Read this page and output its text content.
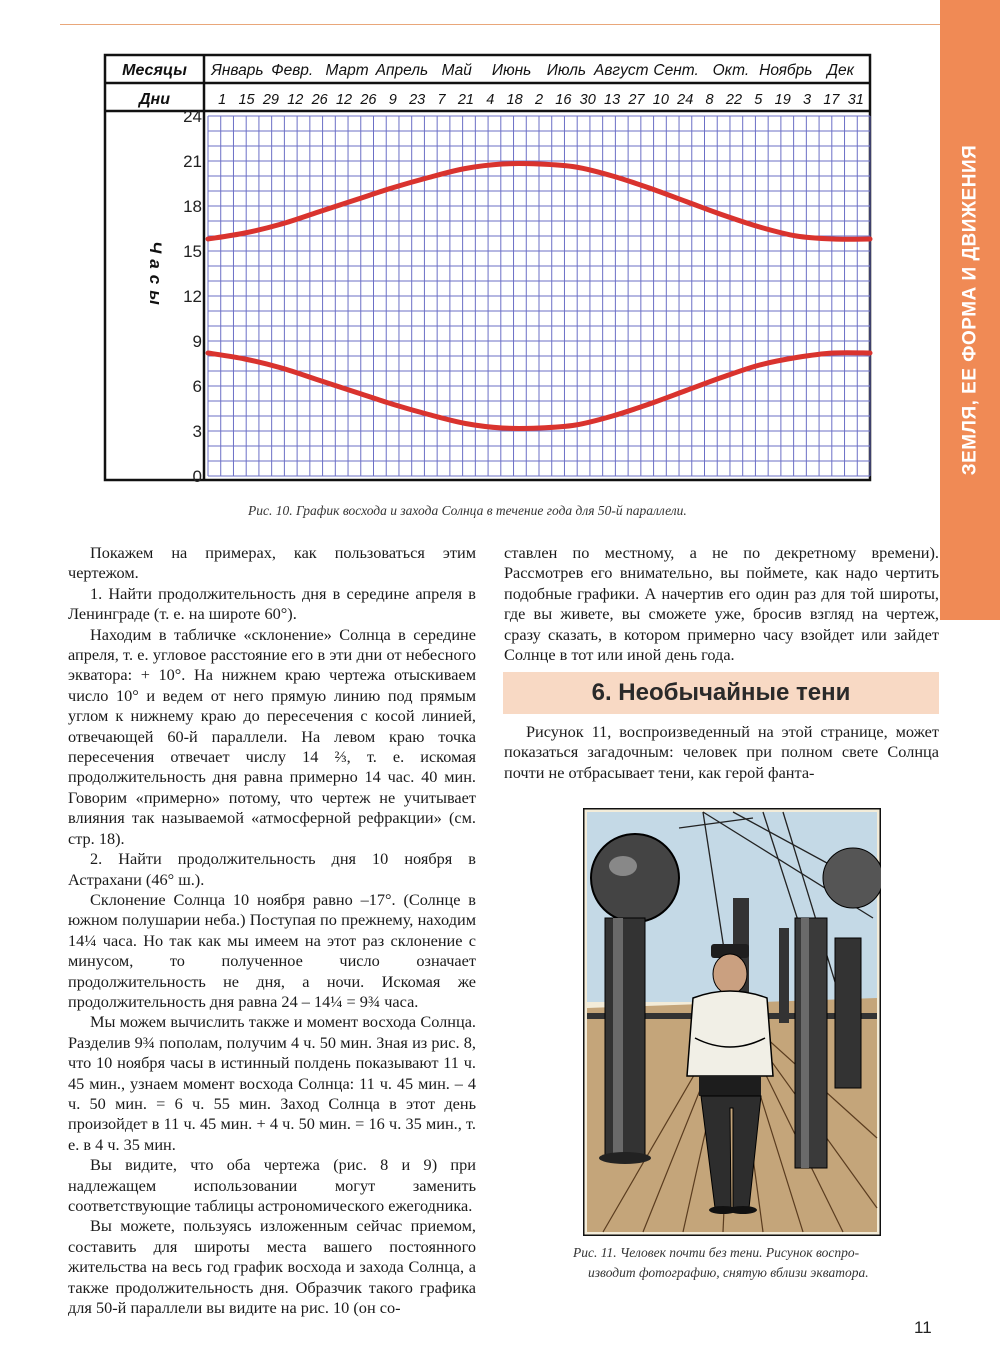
ЗЕМЛЯ, ЕЕ ФОРМА И ДВИЖЕНИЯ
Месяцы
Дни
Январь Февр. Март Апрель Май Июнь Июль Август Сент. Окт. Ноябрь Дек
1 15 29 12 26 12 26 9 23 7 21 4 18 2 16 30 13 27 10 24 8 22 5 19 3 17 31
24
21
18
15
12
9
6
3
0
Часы
Рис. 10. График восхода и захода Солнца в течение года для 50-й параллели.

Покажем на примерах, как пользоваться этим чертежом.

1. Найти продолжительность дня в середине апреля в Ленинграде (т. е. на широте 60°).

Находим в табличке «склонение» Солнца в середине апреля, т. е. угловое расстояние его в эти дни от небесного экватора: + 10°. На нижнем краю чертежа отыскиваем число 10° и ведем от него прямую линию под прямым углом к нижнему краю до пересечения с косой линией, отвечающей 60-й параллели. На левом краю точка пересечения отвечает числу 14 ⅔, т. е. искомая продолжительность дня равна примерно 14 час. 40 мин. Говорим «примерно» потому, что чертеж не учитывает влияния так называемой «атмосферной рефракции» (см. стр. 18).

2. Найти продолжительность дня 10 ноября в Астрахани (46° ш.).

Склонение Солнца 10 ноября равно –17°. (Солнце в южном полушарии неба.) Поступая по прежнему, находим 14¼ часа. Но так как мы имеем на этот раз склонение с минусом, то полученное число означает продолжительность не дня, а ночи. Искомая же продолжительность дня равна 24 – 14¼ = 9¾ часа.

Мы можем вычислить также и момент восхода Солнца. Разделив 9¾ пополам, получим 4 ч. 50 мин. Зная из рис. 8, что 10 ноября часы в истинный полдень показывают 11 ч. 45 мин., узнаем момент восхода Солнца: 11 ч. 45 мин. – 4 ч. 50 мин. = 6 ч. 55 мин. Заход Солнца в этот день произойдет в 11 ч. 45 мин. + 4 ч. 50 мин. = 16 ч. 35 мин., т. е. в 4 ч. 35 мин.

Вы видите, что оба чертежа (рис. 8 и 9) при надлежащем использовании могут заменить соответствующие таблицы астрономического ежегодника.

Вы можете, пользуясь изложенным сейчас приемом, составить для широты места вашего постоянного жительства на весь год график восхода и захода Солнца, а также продолжительность дня. Образчик такого графика для 50-й параллели вы видите на рис. 10 (он со-

ставлен по местному, а не по декретному времени). Рассмотрев его внимательно, вы поймете, как надо чертить подобные графики. А начертив его один раз для той широты, где вы живете, вы сможете уже, бросив взгляд на чертеж, сразу сказать, в котором примерно часу взойдет или зайдет Солнце в тот или иной день года.

6. Необычайные тени

Рисунок 11, воспроизведенный на этой странице, может показаться загадочным: человек при полном свете Солнца почти не отбрасывает тени, как герой фанта-

Рис. 11. Человек почти без тени. Рисунок воспро-
изводит фотографию, снятую вблизи экватора.
11
